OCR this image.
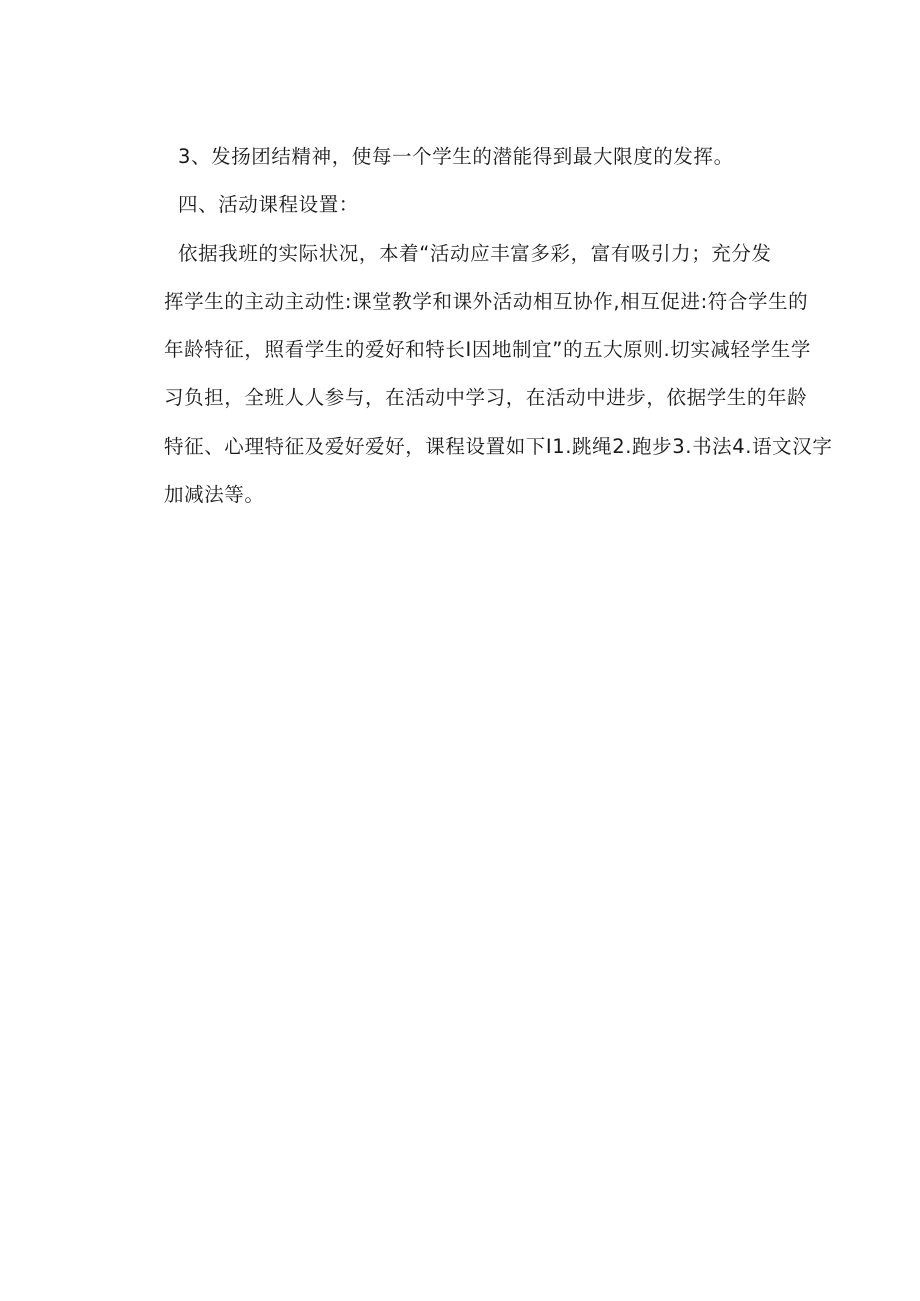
3、发扬团结精神，使每一个学生的潜能得到最大限度的发挥。
四、活动课程设置：
依据我班的实际状况，本着“活动应丰富多彩，富有吸引力；充分发
挥学生的主动主动性:课堂教学和课外活动相互协作,相互促进:符合学生的
年龄特征，照看学生的爱好和特长I因地制宜”的五大原则.切实减轻学生学
习负担，全班人人参与，在活动中学习，在活动中进步，依据学生的年龄
特征、心理特征及爱好爱好，课程设置如下I1.跳绳2.跑步3.书法4.语文汉字
加减法等。
